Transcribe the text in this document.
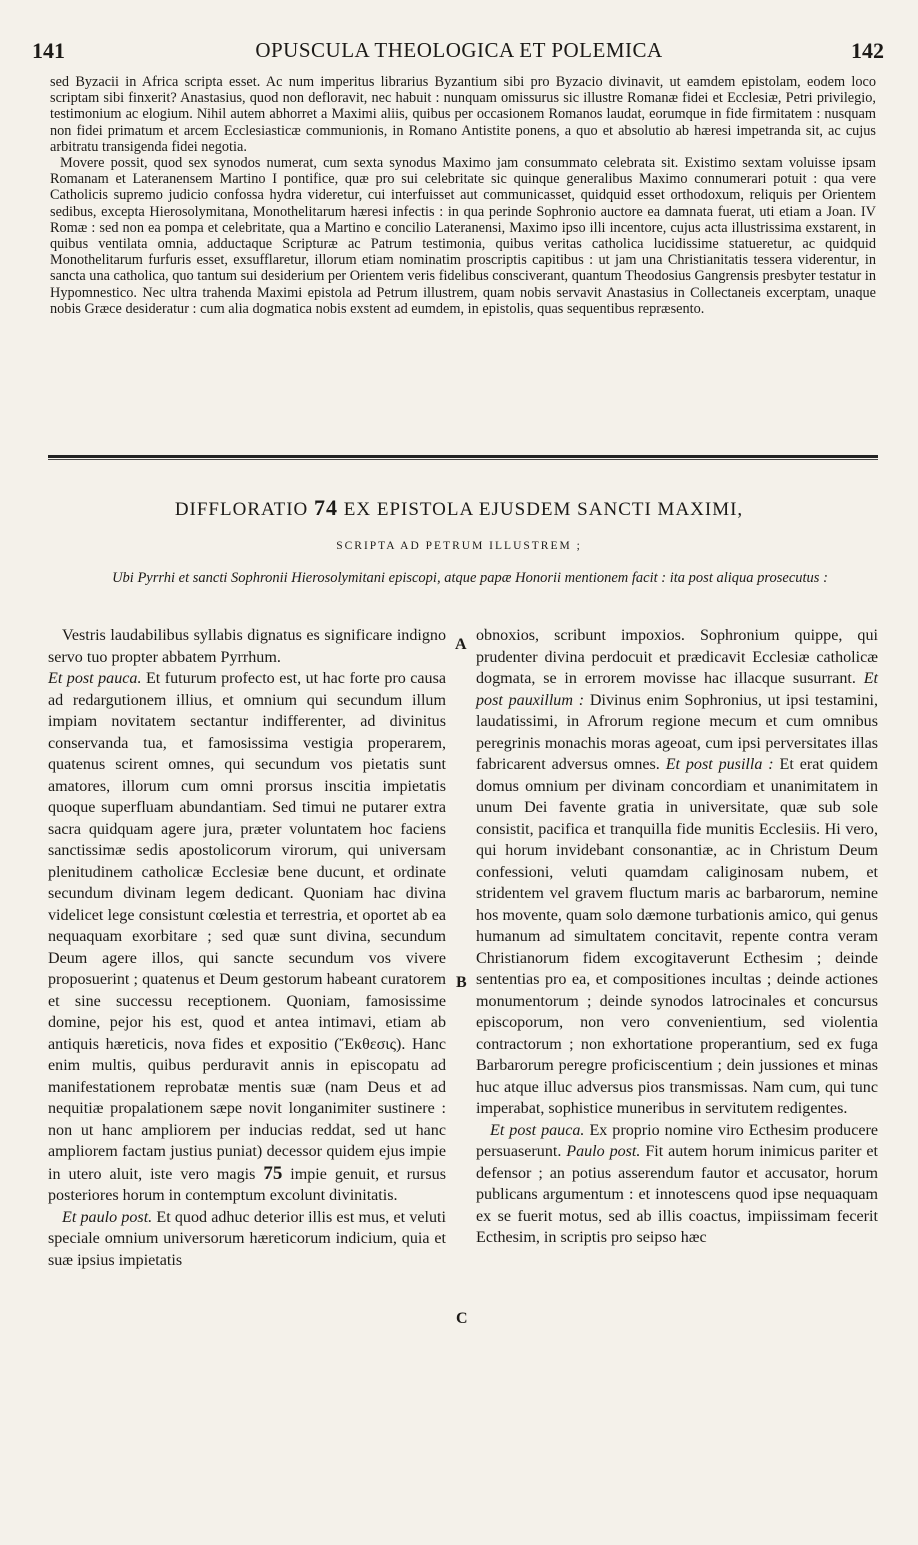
141	OPUSCULA THEOLOGICA ET POLEMICA	142

sed Byzacii in Africa scripta esset. Ac num imperitus librarius Byzantium sibi pro Byzacio divinavit, ut eamdem epistolam, eodem loco scriptam sibi finxerit? Anastasius, quod non defloravit, nec habuit : nunquam omissurus sic illustre Romanæ fidei et Ecclesiæ, Petri privilegio, testimonium ac elogium. Nihil autem abhorret a Maximi aliis, quibus per occasionem Romanos laudat, eorumque in fide firmitatem : nusquam non fidei primatum et arcem Ecclesiasticæ communionis, in Romano Antistite ponens, a quo et absolutio ab hæresi impetranda sit, ac cujus arbitratu transigenda fidei negotia.

Movere possit, quod sex synodos numerat, cum sexta synodus Maximo jam consummato celebrata sit. Existimo sextam voluisse ipsam Romanam et Lateranensem Martino I pontifice, quæ pro sui celebritate sic quinque generalibus Maximo connumerari potuit : qua vere Catholicis supremo judicio confossa hydra videretur, cui interfuisset aut communicasset, quidquid esset orthodoxum, reliquis per Orientem sedibus, excepta Hierosolymitana, Monothelitarum hæresi infectis : in qua perinde Sophronio auctore ea damnata fuerat, uti etiam a Joan. IV Romæ : sed non ea pompa et celebritate, qua a Martino e concilio Lateranensi, Maximo ipso illi incentore, cujus acta illustrissima exstarent, in quibus ventilata omnia, adductaque Scripturæ ac Patrum testimonia, quibus veritas catholica lucidissime statueretur, ac quidquid Monothelitarum furfuris esset, exsufflaretur, illorum etiam nominatim proscriptis capitibus : ut jam una Christianitatis tessera viderentur, in sancta una catholica, quo tantum sui desiderium per Orientem veris fidelibus consciverant, quantum Theodosius Gangrensis presbyter testatur in Hypomnestico. Nec ultra trahenda Maximi epistola ad Petrum illustrem, quam nobis servavit Anastasius in Collectaneis excerptam, unaque nobis Græce desideratur : cum alia dogmatica nobis exstent ad eumdem, in epistolis, quas sequentibus repræsento.

DIFFLORATIO 74 EX EPISTOLA EJUSDEM SANCTI MAXIMI,
SCRIPTA AD PETRUM ILLUSTREM ;
Ubi Pyrrhi et sancti Sophronii Hierosolymitani episcopi, atque papæ Honorii mentionem facit : ita post aliqua prosecutus :

Vestris laudabilibus syllabis dignatus es significare indigno servo tuo propter abbatem Pyrrhum.

Et post pauca. Et futurum profecto est, ut hac forte pro causa ad redargutionem illius, et omnium qui secundum illum impiam novitatem sectantur indifferenter, ad divinitus conservanda tua, et famosissima vestigia properarem, quatenus scirent omnes, qui secundum vos pietatis sunt amatores, illorum cum omni prorsus inscitia impietatis quoque superfluam abundantiam. Sed timui ne putarer extra sacra quidquam agere jura, præter voluntatem hoc faciens sanctissimæ sedis apostolicorum virorum, qui universam plenitudinem catholicæ Ecclesiæ bene ducunt, et ordinate secundum divinam legem dedicant. Quoniam hac divina videlicet lege consistunt cœlestia et terrestria, et oportet ab ea nequaquam exorbitare ; sed quæ sunt divina, secundum Deum agere illos, qui sancte secundum vos vivere proposuerint ; quatenus et Deum gestorum habeant curatorem et sine successu receptionem. Quoniam, famosissime domine, pejor his est, quod et antea intimavi, etiam ab antiquis hæreticis, nova fides et expositio (Ἔκθεσις). Hanc enim multis, quibus perduravit annis in episcopatu ad manifestationem reprobatæ mentis suæ (nam Deus et ad nequitiæ propalationem sæpe novit longanimiter sustinere : non ut hanc ampliorem per inducias reddat, sed ut hanc ampliorem factam justius puniat) decessor quidem ejus impie in utero aluit, iste vero magis 75 impie genuit, et rursus posteriores horum in contemptum excolunt divinitatis.

Et paulo post. Et quod adhuc deterior illis est mus, et veluti speciale omnium universorum hæreticorum indicium, quia et suæ ipsius impietatis

A
B
C

obnoxios, scribunt impoxios. Sophronium quippe, qui prudenter divina perdocuit et prædicavit Ecclesiæ catholicæ dogmata, se in errorem movisse hac illacque susurrant. Et post pauxillum : Divinus enim Sophronius, ut ipsi testamini, laudatissimi, in Afrorum regione mecum et cum omnibus peregrinis monachis moras ageoat, cum ipsi perversitates illas fabricarent adversus omnes. Et post pusilla : Et erat quidem domus omnium per divinam concordiam et unanimitatem in unum Dei favente gratia in universitate, quæ sub sole consistit, pacifica et tranquilla fide munitis Ecclesiis. Hi vero, qui horum invidebant consonantiæ, ac in Christum Deum confessioni, veluti quamdam caliginosam nubem, et stridentem vel gravem fluctum maris ac barbarorum, nemine hos movente, quam solo dæmone turbationis amico, qui genus humanum ad simultatem concitavit, repente contra veram Christianorum fidem excogitaverunt Ecthesim ; deinde sententias pro ea, et compositiones incultas ; deinde actiones monumentorum ; deinde synodos latrocinales et concursus episcoporum, non vero convenientium, sed violentia contractorum ; non exhortatione properantium, sed ex fuga Barbarorum peregre proficiscentium ; dein jussiones et minas huc atque illuc adversus pios transmissas. Nam cum, qui tunc imperabat, sophistice muneribus in servitutem redigentes.

Et post pauca. Ex proprio nomine viro Ecthesim producere persuaserunt. Paulo post. Fit autem horum inimicus pariter et defensor ; an potius asserendum fautor et accusator, horum publicans argumentum : et innotescens quod ipse nequaquam ex se fuerit motus, sed ab illis coactus, impiissimam fecerit Ecthesim, in scriptis pro seipso hæc
